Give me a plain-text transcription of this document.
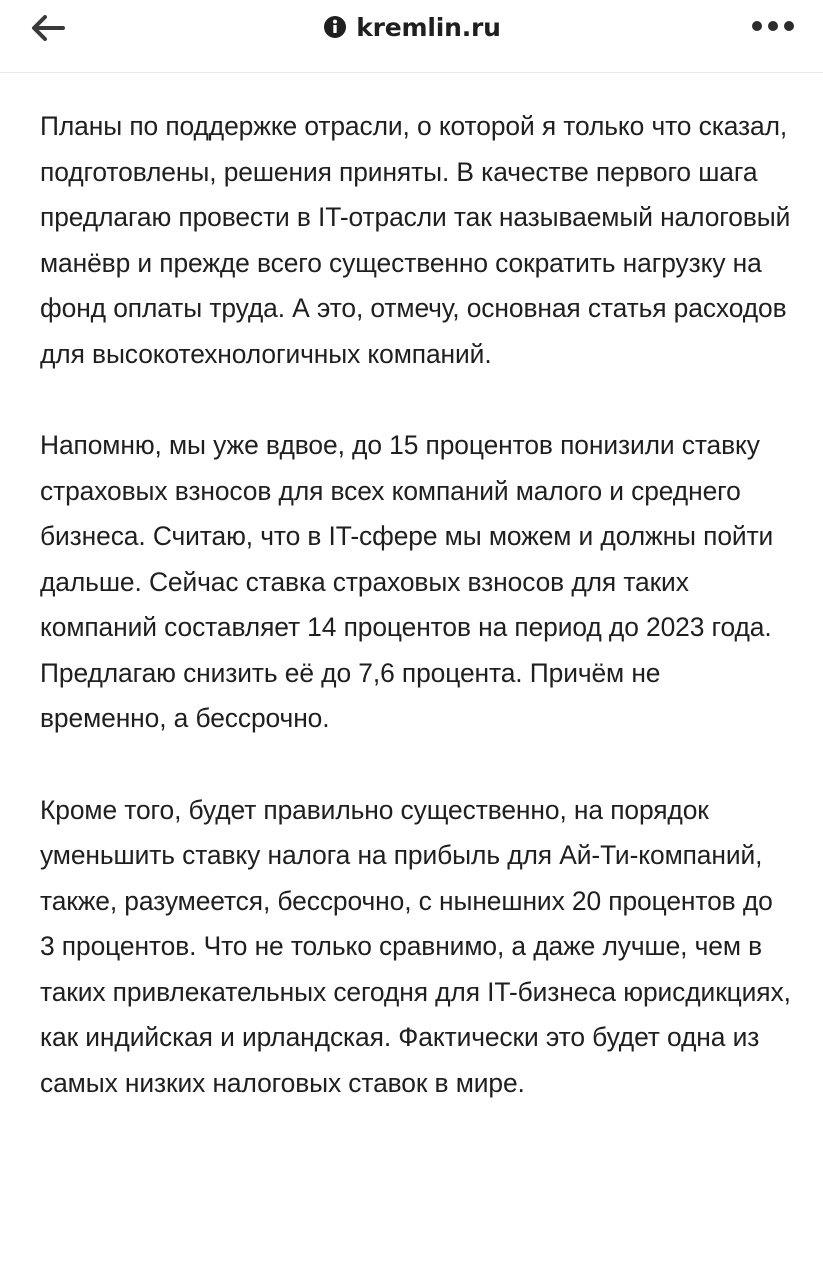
kremlin.ru

Планы по поддержке отрасли, о которой я только что сказал, подготовлены, решения приняты. В качестве первого шага предлагаю провести в IT-отрасли так называемый налоговый манёвр и прежде всего существенно сократить нагрузку на фонд оплаты труда. А это, отмечу, основная статья расходов для высокотехнологичных компаний.

Напомню, мы уже вдвое, до 15 процентов понизили ставку страховых взносов для всех компаний малого и среднего бизнеса. Считаю, что в IT-сфере мы можем и должны пойти дальше. Сейчас ставка страховых взносов для таких компаний составляет 14 процентов на период до 2023 года. Предлагаю снизить её до 7,6 процента. Причём не временно, а бессрочно.

Кроме того, будет правильно существенно, на порядок уменьшить ставку налога на прибыль для Ай-Ти-компаний, также, разумеется, бессрочно, с нынешних 20 процентов до 3 процентов. Что не только сравнимо, а даже лучше, чем в таких привлекательных сегодня для IT-бизнеса юрисдикциях, как индийская и ирландская. Фактически это будет одна из самых низких налоговых ставок в мире.
